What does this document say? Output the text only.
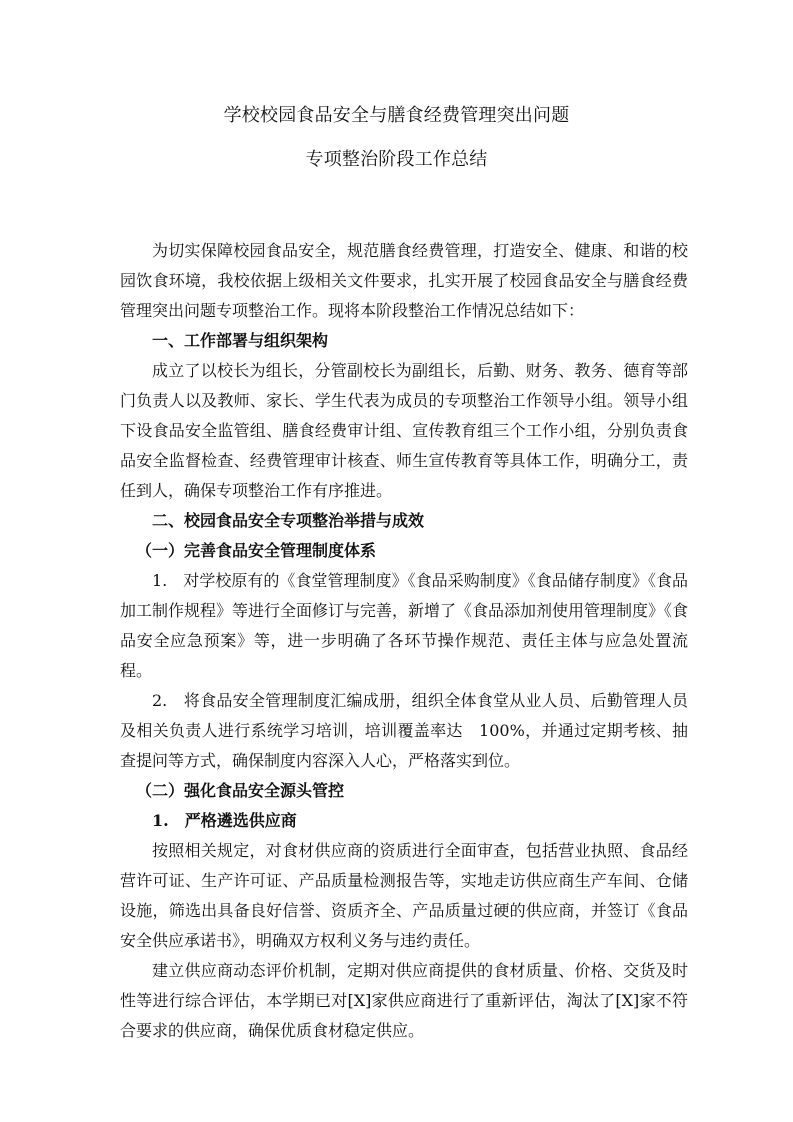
学校校园食品安全与膳食经费管理突出问题
专项整治阶段工作总结

为切实保障校园食品安全，规范膳食经费管理，打造安全、健康、和谐的校园饮食环境，我校依据上级相关文件要求，扎实开展了校园食品安全与膳食经费管理突出问题专项整治工作。现将本阶段整治工作情况总结如下：

一、工作部署与组织架构

成立了以校长为组长，分管副校长为副组长，后勤、财务、教务、德育等部门负责人以及教师、家长、学生代表为成员的专项整治工作领导小组。领导小组下设食品安全监管组、膳食经费审计组、宣传教育组三个工作小组，分别负责食品安全监督检查、经费管理审计核查、师生宣传教育等具体工作，明确分工，责任到人，确保专项整治工作有序推进。

二、校园食品安全专项整治举措与成效

（一）完善食品安全管理制度体系

1.　对学校原有的《食堂管理制度》《食品采购制度》《食品储存制度》《食品加工制作规程》等进行全面修订与完善，新增了《食品添加剂使用管理制度》《食品安全应急预案》等，进一步明确了各环节操作规范、责任主体与应急处置流程。

2.　将食品安全管理制度汇编成册，组织全体食堂从业人员、后勤管理人员及相关负责人进行系统学习培训，培训覆盖率达　100%，并通过定期考核、抽查提问等方式，确保制度内容深入人心，严格落实到位。

（二）强化食品安全源头管控

1.　严格遴选供应商

按照相关规定，对食材供应商的资质进行全面审查，包括营业执照、食品经营许可证、生产许可证、产品质量检测报告等，实地走访供应商生产车间、仓储设施，筛选出具备良好信誉、资质齐全、产品质量过硬的供应商，并签订《食品安全供应承诺书》，明确双方权利义务与违约责任。

建立供应商动态评价机制，定期对供应商提供的食材质量、价格、交货及时性等进行综合评估，本学期已对[X]家供应商进行了重新评估，淘汰了[X]家不符合要求的供应商，确保优质食材稳定供应。
